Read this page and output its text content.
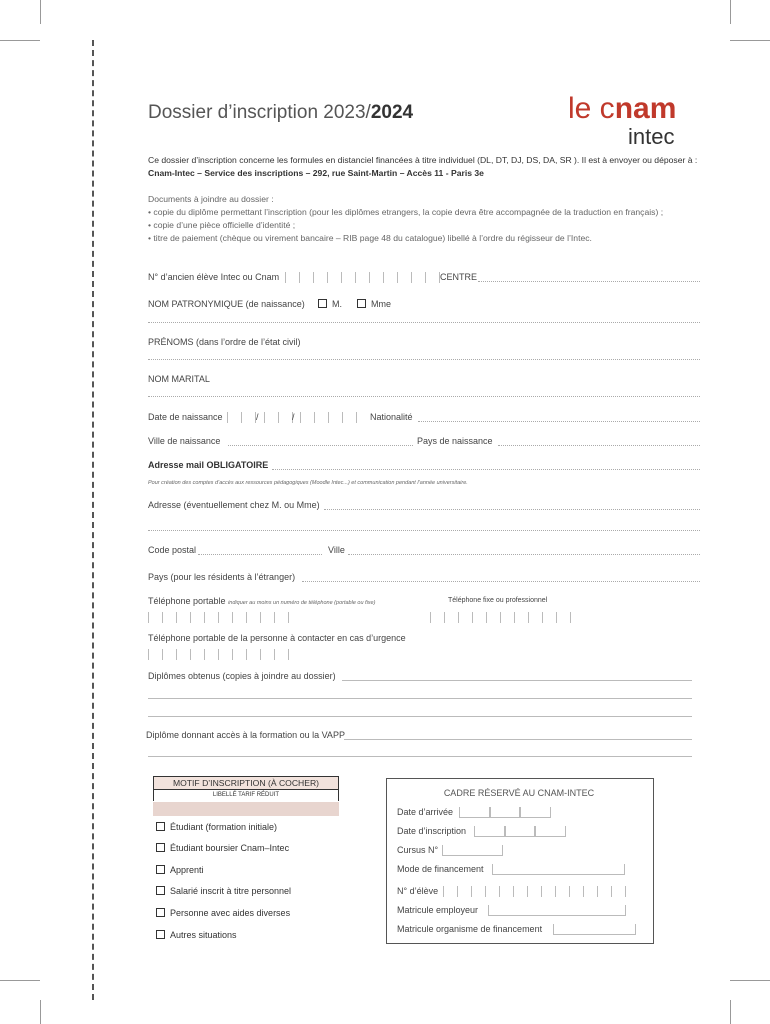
Dossier d’inscription 2023/2024	le cnam
intec
Ce dossier d’inscription concerne les formules en distanciel financées à titre individuel (DL, DT, DJ, DS, DA, SR ). Il est à envoyer ou déposer à :
Cnam-Intec – Service des inscriptions – 292, rue Saint-Martin – Accès 11 - Paris 3e
Documents à joindre au dossier :
• copie du diplôme permettant l’inscription (pour les diplômes etrangers, la copie devra être accompagnée de la traduction en français) ;
• copie d’une pièce officielle d’identité ;
• titre de paiement (chèque ou virement bancaire – RIB page 48 du catalogue) libellé à l’ordre du régisseur de l’Intec.
N° d’ancien élève Intec ou Cnam	CENTRE
NOM PATRONYMIQUE (de naissance)	M.	Mme
PRÉNOMS (dans l’ordre de l’état civil)
NOM MARITAL
Date de naissance	/	/	Nationalité
Ville de naissance	Pays de naissance
Adresse mail OBLIGATOIRE
Pour création des comptes d’accès aux ressources pédagogiques (Moodle Intec...) et communication pendant l’année universitaire.
Adresse (éventuellement chez M. ou Mme)
Code postal	Ville
Pays (pour les résidents à l’étranger)
Téléphone portable indiquer au moins un numéro de téléphone (portable ou fixe)	Téléphone fixe ou professionnel
Téléphone portable de la personne à contacter en cas d’urgence
Diplômes obtenus (copies à joindre au dossier)
Diplôme donnant accès à la formation ou la VAPP
MOTIF D’INSCRIPTION (À COCHER)
LIBELLÉ TARIF RÉDUIT
Étudiant (formation initiale)
Étudiant boursier Cnam–Intec
Apprenti
Salarié inscrit à titre personnel
Personne avec aides diverses
Autres situations
CADRE RÉSERVÉ AU CNAM-INTEC
Date d’arrivée
Date d’inscription
Cursus N°
Mode de financement
N° d’élève
Matricule employeur
Matricule organisme de financement
